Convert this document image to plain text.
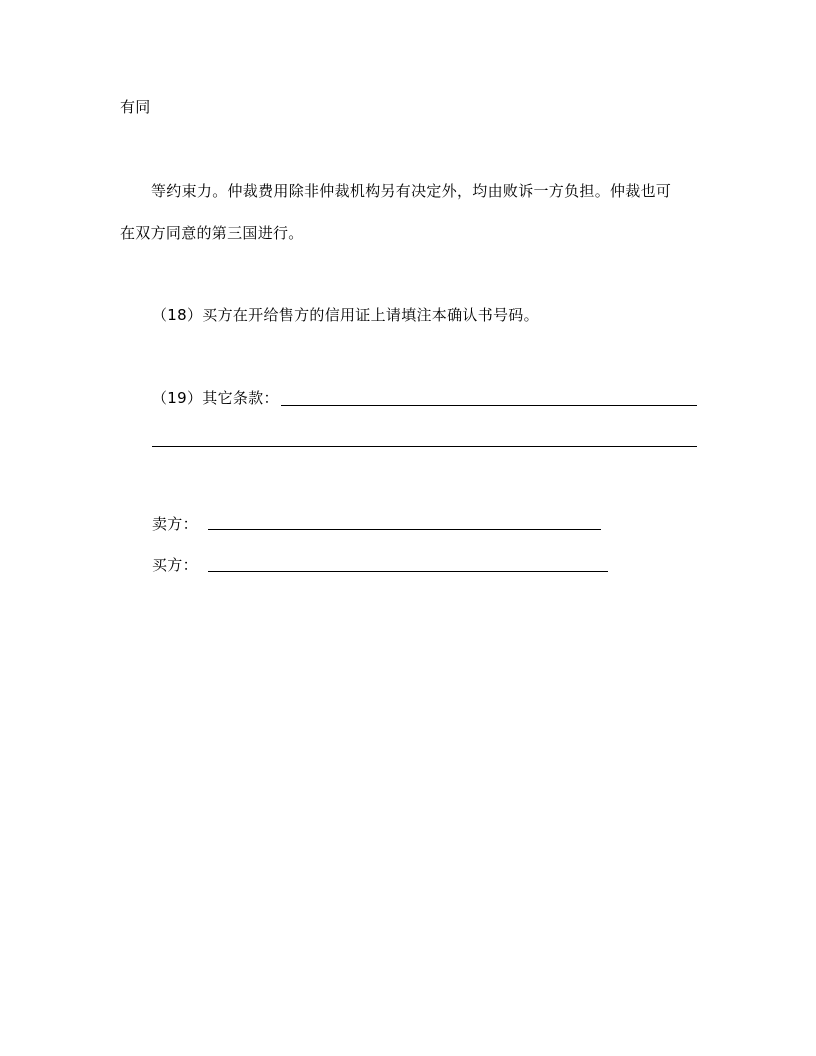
有同
等约束力。仲裁费用除非仲裁机构另有决定外，均由败诉一方负担。仲裁也可
在双方同意的第三国进行。
（18）买方在开给售方的信用证上请填注本确认书号码。
（19）其它条款：
卖方：
买方：
